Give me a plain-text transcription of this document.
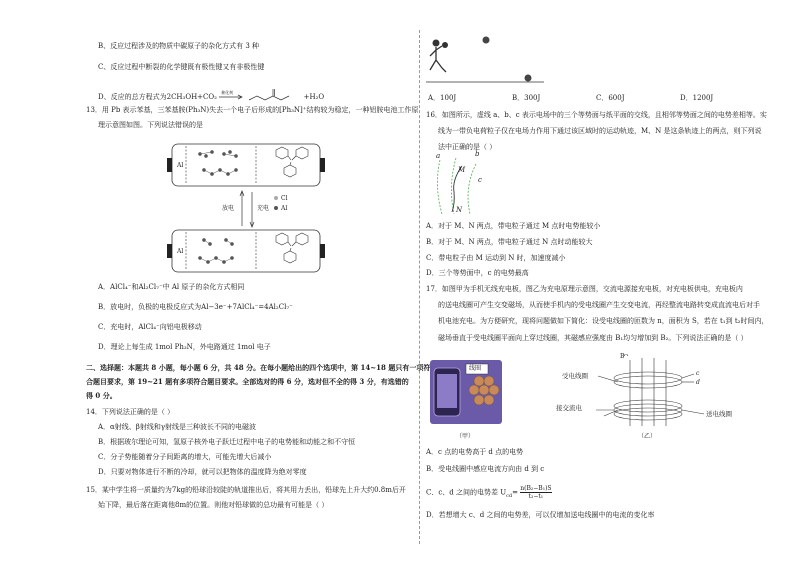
B、反应过程涉及的物质中碳原子的杂化方式有 3 种
C、反应过程中断裂的化学键既有极性键又有非极性键
D、反应的总方程式为2CH₃OH+CO₂
催化剂
+H₂O
13．用 Pb 表示苯基，三苯基胺(Ph₃N)失去一个电子后形成的[Ph₃N]⁺结构较为稳定，一种铝胺电池工作原
理示意图如图。下列说法错误的是
Al
Al
放电	充电
Cl
Al
A．AlCl₄⁻和Al₂Cl₇⁻中 Al 原子的杂化方式相同
B．放电时，负极的电极反应式为Al−3e⁻+7AlCl₄⁻=4Al₂Cl₇⁻
C．充电时，AlCl₄⁻向铝电极移动
D．理论上每生成 1mol Ph₃N，外电路通过 1mol 电子
二、选择题：本题共 8 小题，每小题 6 分，共 48 分。在每小题给出的四个选项中，第 14~18 题只有一项符
合题目要求，第 19~21 题有多项符合题目要求。全部选对的得 6 分，选对但不全的得 3 分，有选错的
得 0 分。
14．下列说法正确的是（ ）
A．α射线、β射线和γ射线是三种波长不同的电磁波
B．根据玻尔理论可知，氢原子核外电子跃迁过程中电子的电势能和动能之和不守恒
C．分子势能随着分子间距离的增大，可能先增大后减小
D．只要对物体进行不断的冷却，就可以把物体的温度降为绝对零度
15．某中学生将一质量约为7kg的铅球沿较陡的轨道推出后，将其用力丢出，铅球先上升大约0.8m后开
始下降，最后落在距离他8m的位置。则他对铅球做的总功最有可能是（ ）
A．100J	B．300J	C．600J	D．1200J
16．如图所示，虚线 a、b、c 表示电场中的三个等势面与纸平面的交线，且相邻等势面之间的电势差相等。实
线为一带负电荷粒子仅在电场力作用下通过该区域时的运动轨迹，M、N 是这条轨迹上的两点，则下列说
法中正确的是（ ）
a	b
c
M
N
A．对于 M、N 两点，带电粒子通过 M 点时电势能较小
B．对于 M、N 两点，带电粒子通过 N 点时动能较大
C．带电粒子由 M 运动到 N 时，加速度减小
D．三个等势面中，c 的电势最高
17．如图甲为手机无线充电板，图乙为充电原理示意图，交流电源接充电板，对充电板供电，充电板内
的送电线圈可产生交变磁场，从而使手机内的受电线圈产生交变电流，再经整流电路转变成直流电后对手
机电池充电。为方便研究，现将问题做如下简化：设受电线圈的匝数为 n，面积为 S，若在 t₁到 t₂时间内，
磁场垂直于受电线圈平面向上穿过线圈，其磁感应强度由 B₁均匀增加到 B₂。下列说法正确的是（ ）
线圈
（甲）
B
c
d
受电线圈
接交流电
送电线圈
（乙）
A．c 点的电势高于 d 点的电势
B．受电线圈中感应电流方向由 d 到 c
C．c、d 之间的电势差 $U_{cd}= \frac{\text{n(B₂−B₁)S}}{\text{t₂−t₁}}$
D．若想增大 c、d 之间的电势差，可以仅增加送电线圈中的电流的变化率
